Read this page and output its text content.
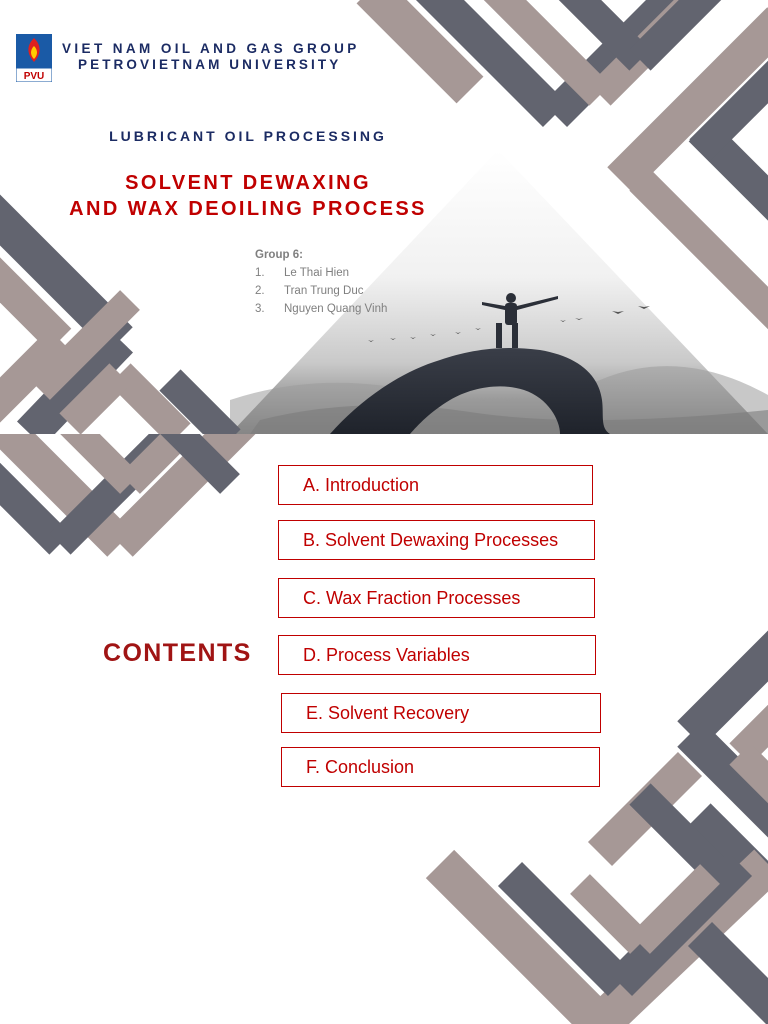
PVU
VIET NAM OIL AND GAS GROUP
PETROVIETNAM UNIVERSITY
LUBRICANT OIL PROCESSING
SOLVENT DEWAXING
AND WAX DEOILING PROCESS
Group 6:
1. Le Thai Hien
2. Tran Trung Duc
3. Nguyen Quang Vinh
CONTENTS
A. Introduction
B. Solvent Dewaxing Processes
C. Wax Fraction Processes
D. Process Variables
E. Solvent Recovery
F. Conclusion
